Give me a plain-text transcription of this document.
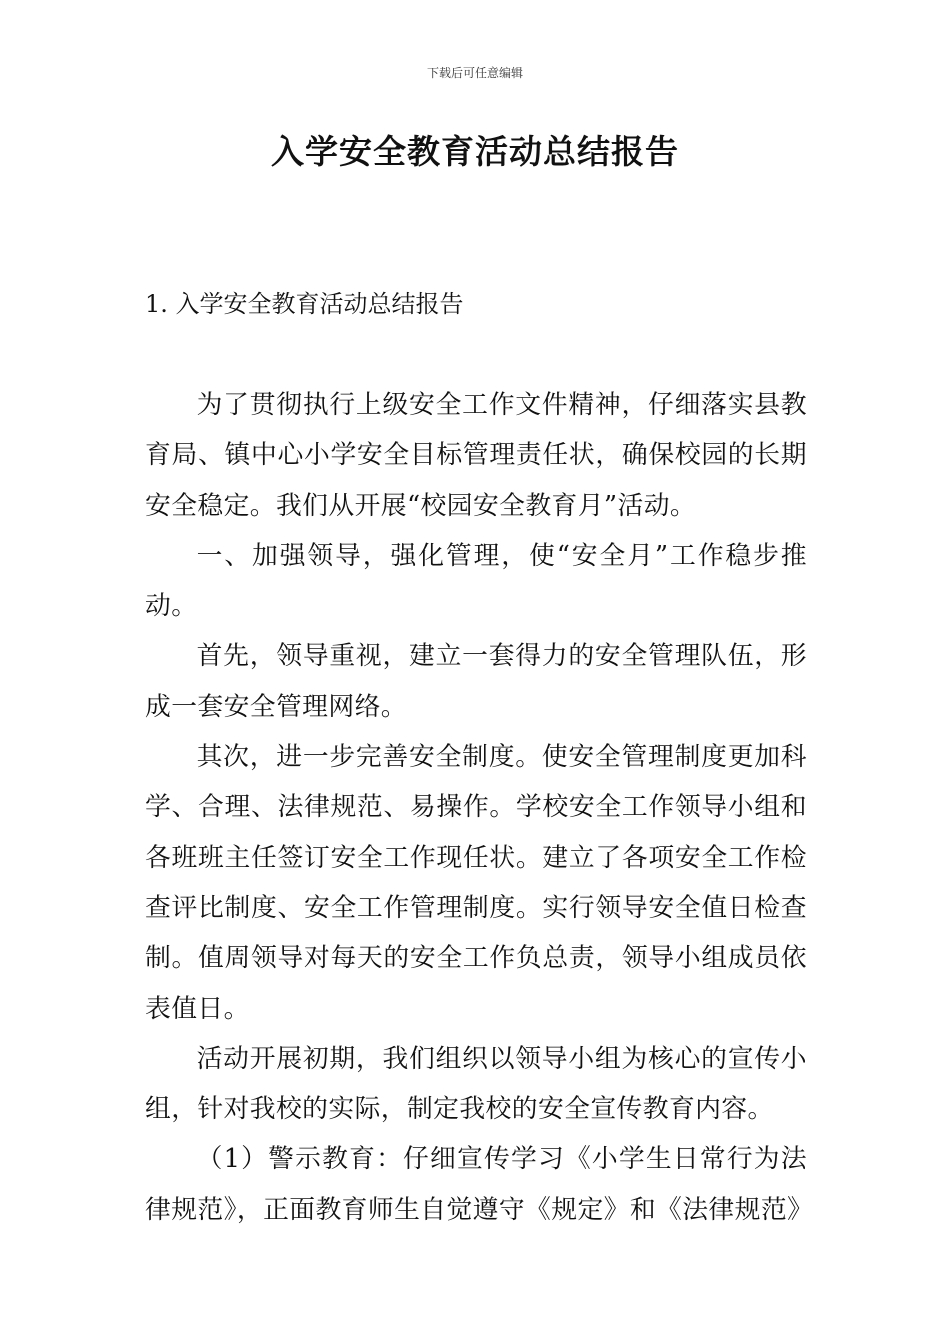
下载后可任意编辑
入学安全教育活动总结报告
1. 入学安全教育活动总结报告

为了贯彻执行上级安全工作文件精神，仔细落实县教育局、镇中心小学安全目标管理责任状，确保校园的长期安全稳定。我们从开展“校园安全教育月”活动。

一、加强领导，强化管理，使“安全月”工作稳步推动。

首先，领导重视，建立一套得力的安全管理队伍，形成一套安全管理网络。

其次，进一步完善安全制度。使安全管理制度更加科学、合理、法律规范、易操作。学校安全工作领导小组和各班班主任签订安全工作现任状。建立了各项安全工作检查评比制度、安全工作管理制度。实行领导安全值日检查制。值周领导对每天的安全工作负总责，领导小组成员依表值日。

活动开展初期，我们组织以领导小组为核心的宣传小组，针对我校的实际，制定我校的安全宣传教育内容。

（1）警示教育：仔细宣传学习《小学生日常行为法律规范》，正面教育师生自觉遵守《规定》和《法律规范》
